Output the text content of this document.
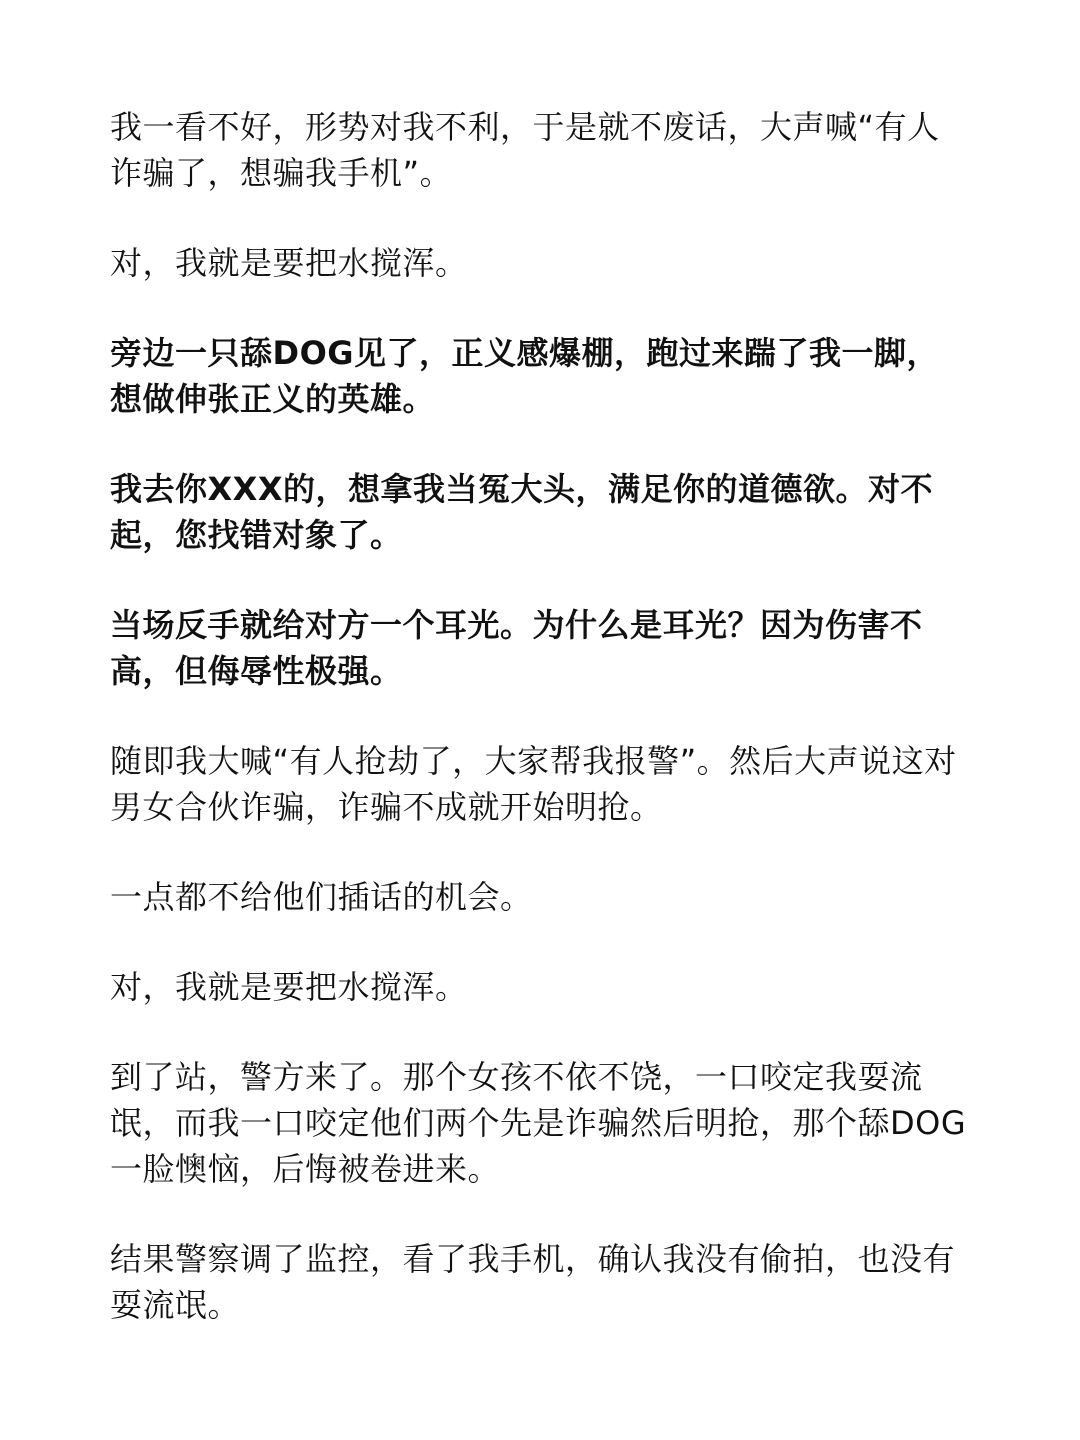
我一看不好，形势对我不利，于是就不废话，大声喊“有人诈骗了，想骗我手机”。

对，我就是要把水搅浑。

旁边一只舔DOG见了，正义感爆棚，跑过来踹了我一脚，想做伸张正义的英雄。

我去你XXX的，想拿我当冤大头，满足你的道德欲。对不起，您找错对象了。

当场反手就给对方一个耳光。为什么是耳光？因为伤害不高，但侮辱性极强。

随即我大喊“有人抢劫了，大家帮我报警”。然后大声说这对男女合伙诈骗，诈骗不成就开始明抢。

一点都不给他们插话的机会。

对，我就是要把水搅浑。

到了站，警方来了。那个女孩不依不饶，一口咬定我耍流氓，而我一口咬定他们两个先是诈骗然后明抢，那个舔DOG一脸懊恼，后悔被卷进来。

结果警察调了监控，看了我手机，确认我没有偷拍，也没有耍流氓。
